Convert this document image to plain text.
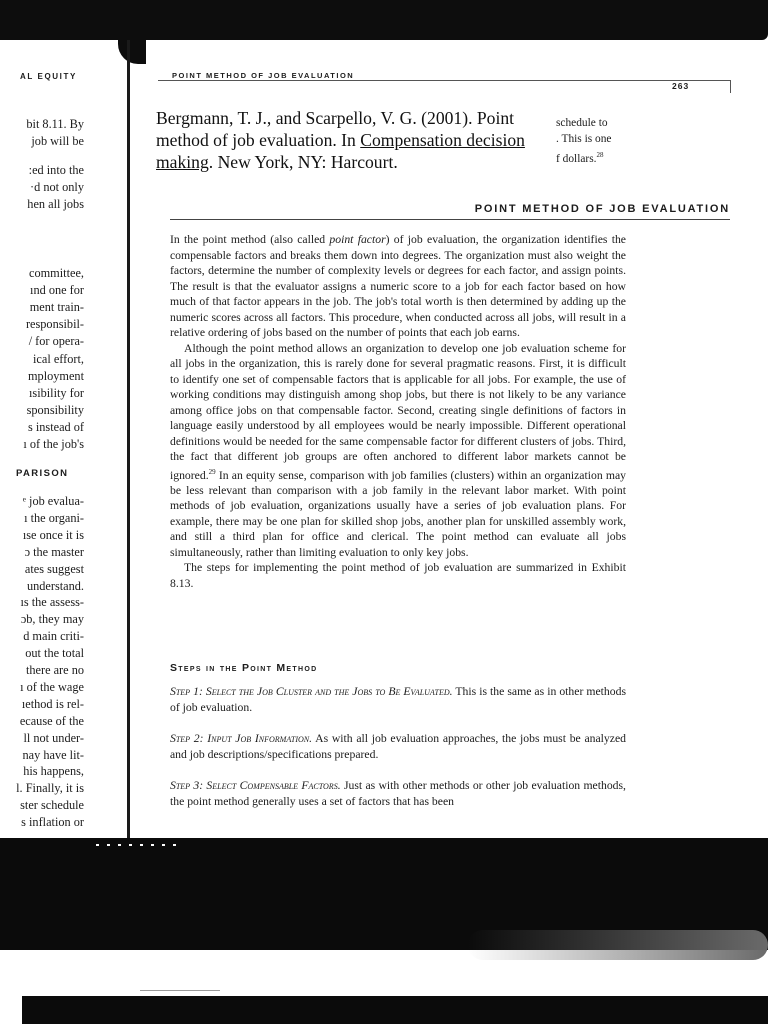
AL EQUITY
bit 8.11. By
job will be
:ed into the
·d not only
hen all jobs
committee,
ınd one for
ment train-
responsibil-
/ for opera-
ical effort,
mployment
ısibility for
sponsibility
s instead of
ı of the job's
PARISON
ᵉ job evalua-
ı the organi-
ıse once it is
ɔ the master
ates suggest
understand.
ıs the assess-
ɔb, they may
d main criti-
out the total
there are no
ı of the wage
ıethod is rel-
ecause of the
ll not under-
nay have lit-
his happens,
l. Finally, it is
ster schedule
s inflation or
POINT METHOD OF JOB EVALUATION
263
Bergmann, T. J., and Scarpello, V. G. (2001). Point method of job evaluation. In Compensation decision making. New York, NY: Harcourt.
schedule to
. This is one
f dollars.$^{28}$
POINT METHOD OF JOB EVALUATION

In the point method (also called point factor) of job evaluation, the organization identifies the compensable factors and breaks them down into degrees. The organization must also weight the factors, determine the number of complexity levels or degrees for each factor, and assign points. The result is that the evaluator assigns a numeric score to a job for each factor based on how much of that factor appears in the job. The job's total worth is then determined by adding up the numeric scores across all factors. This procedure, when conducted across all jobs, will result in a relative ordering of jobs based on the number of points that each job earns.

Although the point method allows an organization to develop one job evaluation scheme for all jobs in the organization, this is rarely done for several pragmatic reasons. First, it is difficult to identify one set of compensable factors that is applicable for all jobs. For example, the use of working conditions may distinguish among shop jobs, but there is not likely to be any variance among office jobs on that compensable factor. Second, creating single definitions of factors in language easily understood by all employees would be nearly impossible. Different operational definitions would be needed for the same compensable factor for different clusters of jobs. Third, the fact that different job groups are often anchored to different labor markets cannot be ignored.$^{29}$ In an equity sense, comparison with job families (clusters) within an organization may be less relevant than comparison with a job family in the relevant labor market. With point methods of job evaluation, organizations usually have a series of job evaluation plans. For example, there may be one plan for skilled shop jobs, another plan for unskilled assembly work, and still a third plan for office and clerical. The point method can evaluate all jobs simultaneously, rather than limiting evaluation to only key jobs.

The steps for implementing the point method of job evaluation are summarized in Exhibit 8.13.

Steps in the Point Method
Step 1: Select the Job Cluster and the Jobs to Be Evaluated. This is the same as in other methods of job evaluation.
Step 2: Input Job Information. As with all job evaluation approaches, the jobs must be analyzed and job descriptions/specifications prepared.
Step 3: Select Compensable Factors. Just as with other methods or other job evaluation methods, the point method generally uses a set of factors that has been
